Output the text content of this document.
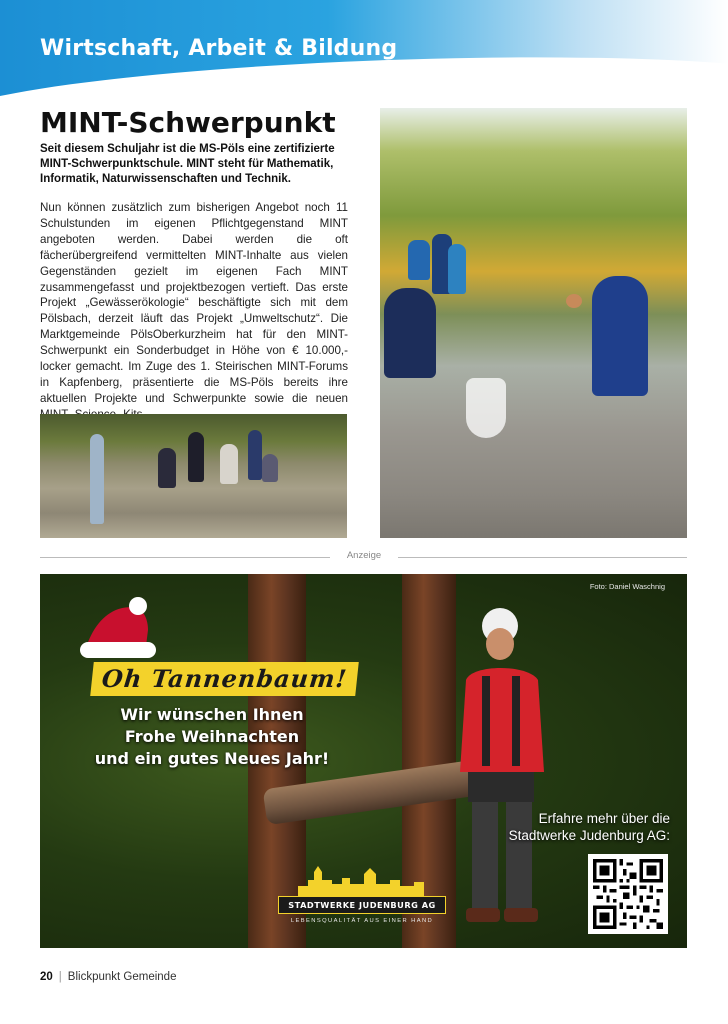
Wirtschaft, Arbeit & Bildung
MINT-Schwerpunkt
Seit diesem Schuljahr ist die MS-Pöls eine zertifizierte MINT-Schwerpunktschule. MINT steht für Mathematik, Informatik, Naturwissenschaften und Technik.
Nun können zusätzlich zum bisherigen Angebot noch 11 Schulstunden im eigenen Pflichtgegenstand MINT angeboten werden. Dabei werden die oft fächerübergreifend vermittelten MINT-Inhalte aus vielen Gegenständen gezielt im eigenen Fach MINT zusammengefasst und projektbezogen vertieft. Das erste Projekt „Gewässerökologie“ beschäftigte sich mit dem Pölsbach, derzeit läuft das Projekt „Umweltschutz“. Die Marktgemeinde PölsOberkurzheim hat für den MINT-Schwerpunkt ein Sonderbudget in Höhe von € 10.000,- locker gemacht. Im Zuge des 1. Steirischen MINT-Forums in Kapfenberg, präsentierte die MS-Pöls bereits ihre aktuellen Projekte und Schwerpunkte sowie die neuen
Anzeige
Foto: Daniel Waschnig
Oh Tannenbaum!
Wir wünschen Ihnen
Frohe Weihnachten
und ein gutes Neues Jahr!
Erfahre mehr über die
Stadtwerke Judenburg AG:
STADTWERKE JUDENBURG AG
LEBENSQUALITÄT AUS EINER HAND
20 | Blickpunkt Gemeinde
